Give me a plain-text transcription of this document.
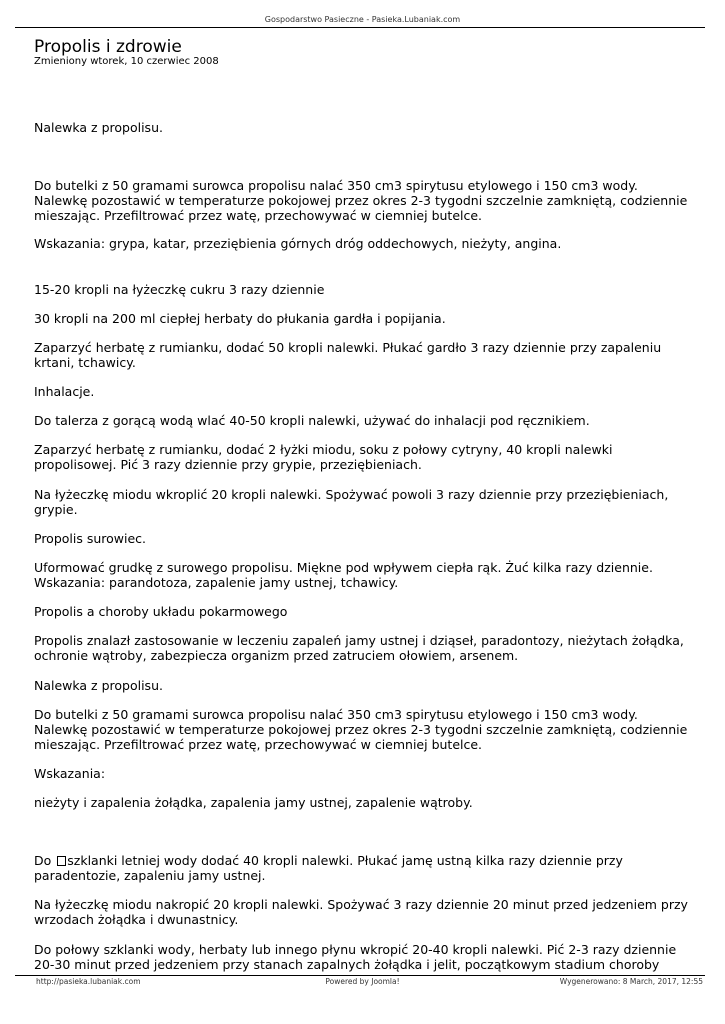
Gospodarstwo Pasieczne - Pasieka.Lubaniak.com
Propolis i zdrowie
Zmieniony wtorek, 10 czerwiec 2008

Nalewka z propolisu.

Do butelki z 50 gramami surowca propolisu nalać 350 cm3 spirytusu etylowego i 150 cm3 wody. Nalewkę pozostawić w temperaturze pokojowej przez okres 2-3 tygodni szczelnie zamkniętą, codziennie mieszając. Przefiltrować przez watę, przechowywać w ciemniej butelce.

Wskazania: grypa, katar, przeziębienia górnych dróg oddechowych, nieżyty, angina.

15-20 kropli na łyżeczkę cukru 3 razy dziennie

30 kropli na 200 ml ciepłej herbaty do płukania gardła i popijania.

Zaparzyć herbatę z rumianku, dodać 50 kropli nalewki. Płukać gardło 3 razy dziennie przy zapaleniu krtani, tchawicy.

Inhalacje.

Do talerza z gorącą wodą wlać 40-50 kropli nalewki, używać do inhalacji pod ręcznikiem.

Zaparzyć herbatę z rumianku, dodać 2 łyżki miodu, soku z połowy cytryny, 40 kropli nalewki propolisowej. Pić 3 razy dziennie przy grypie, przeziębieniach.

Na łyżeczkę miodu wkroplić 20 kropli nalewki. Spożywać powoli 3 razy dziennie przy przeziębieniach, grypie.

Propolis surowiec.

Uformować grudkę z surowego propolisu. Miękne pod wpływem ciepła rąk. Żuć kilka razy dziennie. Wskazania: parandotoza, zapalenie jamy ustnej, tchawicy.

Propolis a choroby układu pokarmowego

Propolis znalazł zastosowanie w leczeniu zapaleń jamy ustnej i dziąseł, paradontozy, nieżytach żołądka, ochronie wątroby, zabezpiecza organizm przed zatruciem ołowiem, arsenem.

Nalewka z propolisu.

Do butelki z 50 gramami surowca propolisu nalać 350 cm3 spirytusu etylowego i 150 cm3 wody. Nalewkę pozostawić w temperaturze pokojowej przez okres 2-3 tygodni szczelnie zamkniętą, codziennie mieszając. Przefiltrować przez watę, przechowywać w ciemniej butelce.

Wskazania:

nieżyty i zapalenia żołądka, zapalenia jamy ustnej, zapalenie wątroby.

Do szklanki letniej wody dodać 40 kropli nalewki. Płukać jamę ustną kilka razy dziennie przy paradentozie, zapaleniu jamy ustnej.

Na łyżeczkę miodu nakropić 20 kropli nalewki. Spożywać 3 razy dziennie 20 minut przed jedzeniem przy wrzodach żołądka i dwunastnicy.

Do połowy szklanki wody, herbaty lub innego płynu wkropić 20-40 kropli nalewki. Pić 2-3 razy dziennie 20-30 minut przed jedzeniem przy stanach zapalnych żołądka i jelit, początkowym stadium choroby

http://pasieka.lubaniak.com	Powered by Joomla!	Wygenerowano: 8 March, 2017, 12:55
